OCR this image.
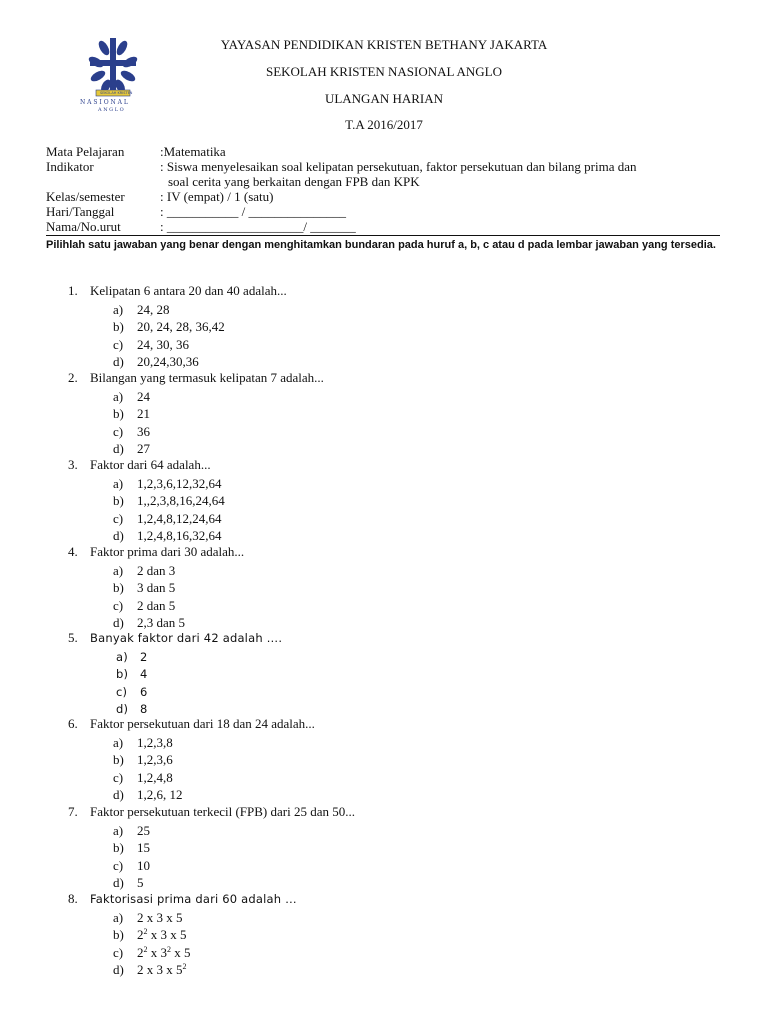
SEKOLAH KRISTEN
N A S I O N A L
A N G L O
YAYASAN PENDIDIKAN KRISTEN BETHANY JAKARTA
SEKOLAH KRISTEN NASIONAL ANGLO
ULANGAN HARIAN
T.A 2016/2017
Mata Pelajaran	:Matematika
Indikator	: Siswa menyelesaikan soal kelipatan persekutuan, faktor persekutuan dan bilang prima dan
soal cerita yang berkaitan dengan FPB dan KPK
Kelas/semester	: IV (empat) / 1 (satu)
Hari/Tanggal	: ___________ / _______________
Nama/No.urut	: _____________________/ _______
Pilihlah satu jawaban yang benar dengan menghitamkan bundaran pada huruf a, b, c atau d pada lembar jawaban yang tersedia.
1. Kelipatan 6 antara 20 dan 40 adalah...
a) 24, 28
b) 20, 24, 28, 36,42
c) 24, 30, 36
d) 20,24,30,36
2. Bilangan yang termasuk kelipatan 7 adalah...
a) 24
b) 21
c) 36
d) 27
3. Faktor dari 64 adalah...
a) 1,2,3,6,12,32,64
b) 1,,2,3,8,16,24,64
c) 1,2,4,8,12,24,64
d) 1,2,4,8,16,32,64
4. Faktor prima dari 30 adalah...
a) 2 dan 3
b) 3 dan 5
c) 2 dan 5
d) 2,3 dan 5
5. Banyak faktor dari 42 adalah ….
a) 2
b) 4
c) 6
d) 8
6. Faktor persekutuan dari 18 dan 24 adalah...
a) 1,2,3,8
b) 1,2,3,6
c) 1,2,4,8
d) 1,2,6, 12
7. Faktor persekutuan terkecil (FPB) dari 25 dan 50...
a) 25
b) 15
c) 10
d) 5
8. Faktorisasi prima dari 60 adalah …
a) 2 x 3 x 5
b) $2^2$ x 3 x 5
c) $2^2$ x $3^2$ x 5
d) 2 x 3 x $5^2$
